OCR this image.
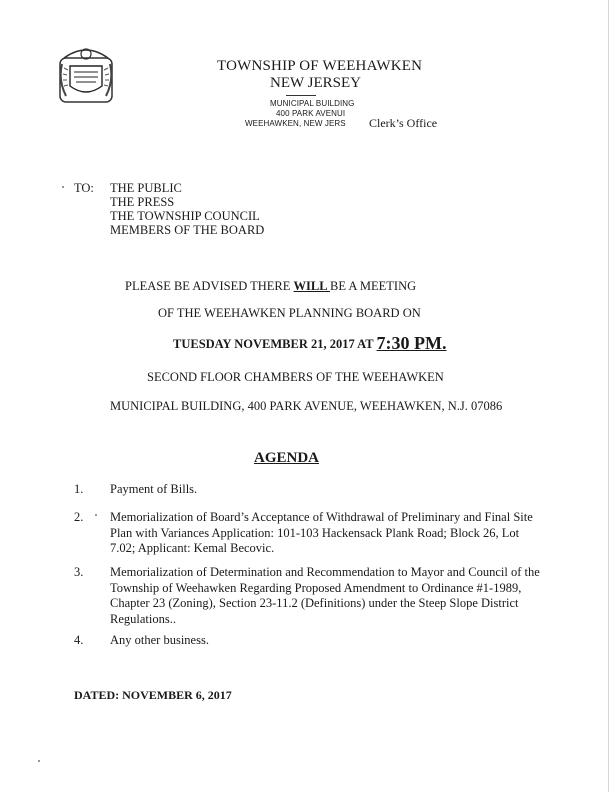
TOWNSHIP OF WEEHAWKEN
NEW JERSEY
MUNICIPAL BUILDING
400 PARK AVENUI
WEEHAWKEN, NEW JERS Clerk’s Office
TO: THE PUBLIC
THE PRESS
THE TOWNSHIP COUNCIL
MEMBERS OF THE BOARD
PLEASE BE ADVISED THERE WILL BE A MEETING
OF THE WEEHAWKEN PLANNING BOARD ON
TUESDAY NOVEMBER 21, 2017 AT 7:30 PM.
SECOND FLOOR CHAMBERS OF THE WEEHAWKEN
MUNICIPAL BUILDING, 400 PARK AVENUE, WEEHAWKEN, N.J. 07086
AGENDA
1. Payment of Bills.
2. Memorialization of Board’s Acceptance of Withdrawal of Preliminary and Final Site Plan with Variances Application: 101-103 Hackensack Plank Road; Block 26, Lot 7.02; Applicant: Kemal Becovic.
3. Memorialization of Determination and Recommendation to Mayor and Council of the Township of Weehawken Regarding Proposed Amendment to Ordinance #1-1989, Chapter 23 (Zoning), Section 23-11.2 (Definitions) under the Steep Slope District Regulations..
4. Any other business.
DATED: NOVEMBER 6, 2017
